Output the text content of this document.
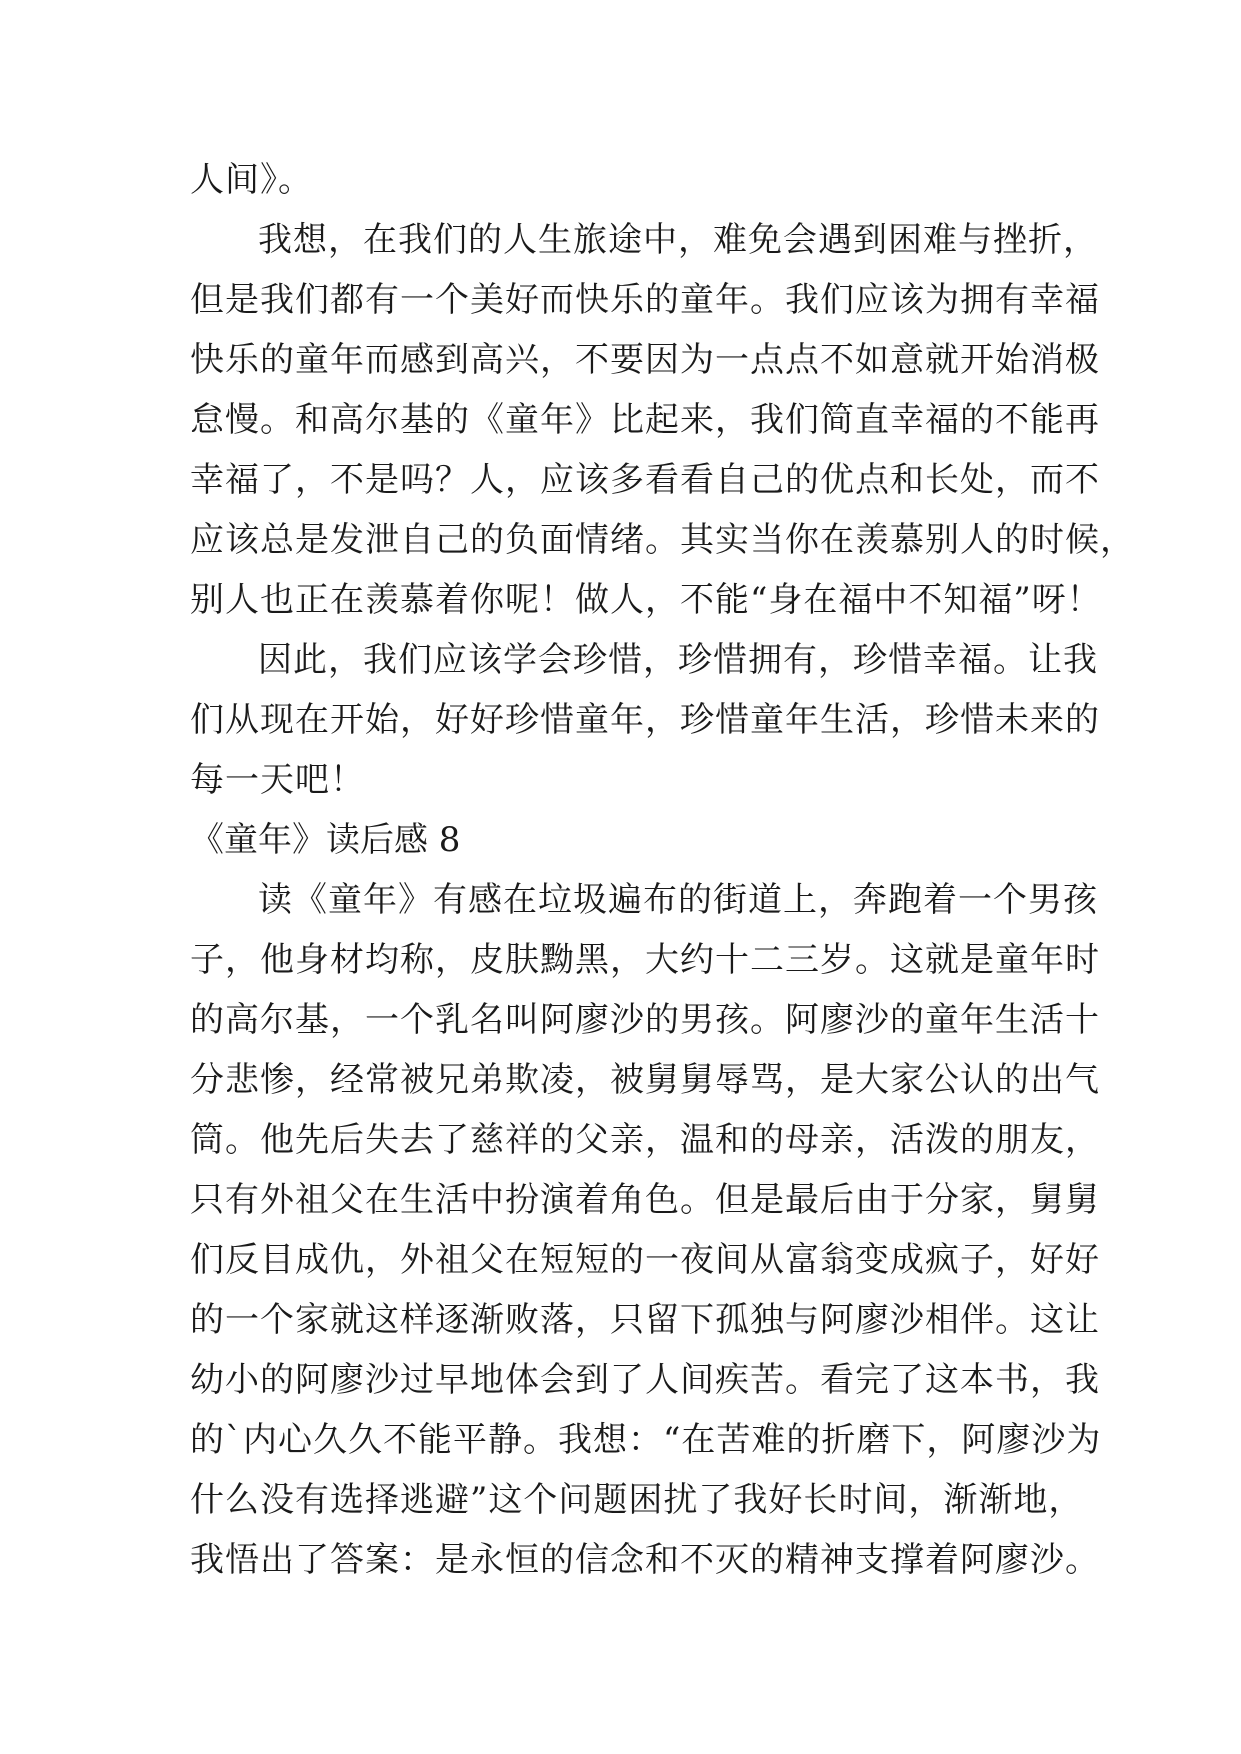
人间》。
我想，在我们的人生旅途中，难免会遇到困难与挫折，
但是我们都有一个美好而快乐的童年。我们应该为拥有幸福
快乐的童年而感到高兴，不要因为一点点不如意就开始消极
怠慢。和高尔基的《童年》比起来，我们简直幸福的不能再
幸福了，不是吗？人，应该多看看自己的优点和长处，而不
应该总是发泄自己的负面情绪。其实当你在羡慕别人的时候，
别人也正在羡慕着你呢！做人，不能“身在福中不知福”呀！
因此，我们应该学会珍惜，珍惜拥有，珍惜幸福。让我
们从现在开始，好好珍惜童年，珍惜童年生活，珍惜未来的
每一天吧！
《童年》读后感 8
读《童年》有感在垃圾遍布的街道上，奔跑着一个男孩
子，他身材均称，皮肤黝黑，大约十二三岁。这就是童年时
的高尔基，一个乳名叫阿廖沙的男孩。阿廖沙的童年生活十
分悲惨，经常被兄弟欺凌，被舅舅辱骂，是大家公认的出气
筒。他先后失去了慈祥的父亲，温和的母亲，活泼的朋友，
只有外祖父在生活中扮演着角色。但是最后由于分家，舅舅
们反目成仇，外祖父在短短的一夜间从富翁变成疯子，好好
的一个家就这样逐渐败落，只留下孤独与阿廖沙相伴。这让
幼小的阿廖沙过早地体会到了人间疾苦。看完了这本书，我
的`内心久久不能平静。我想：“在苦难的折磨下，阿廖沙为
什么没有选择逃避”这个问题困扰了我好长时间，渐渐地，
我悟出了答案：是永恒的信念和不灭的精神支撑着阿廖沙。
